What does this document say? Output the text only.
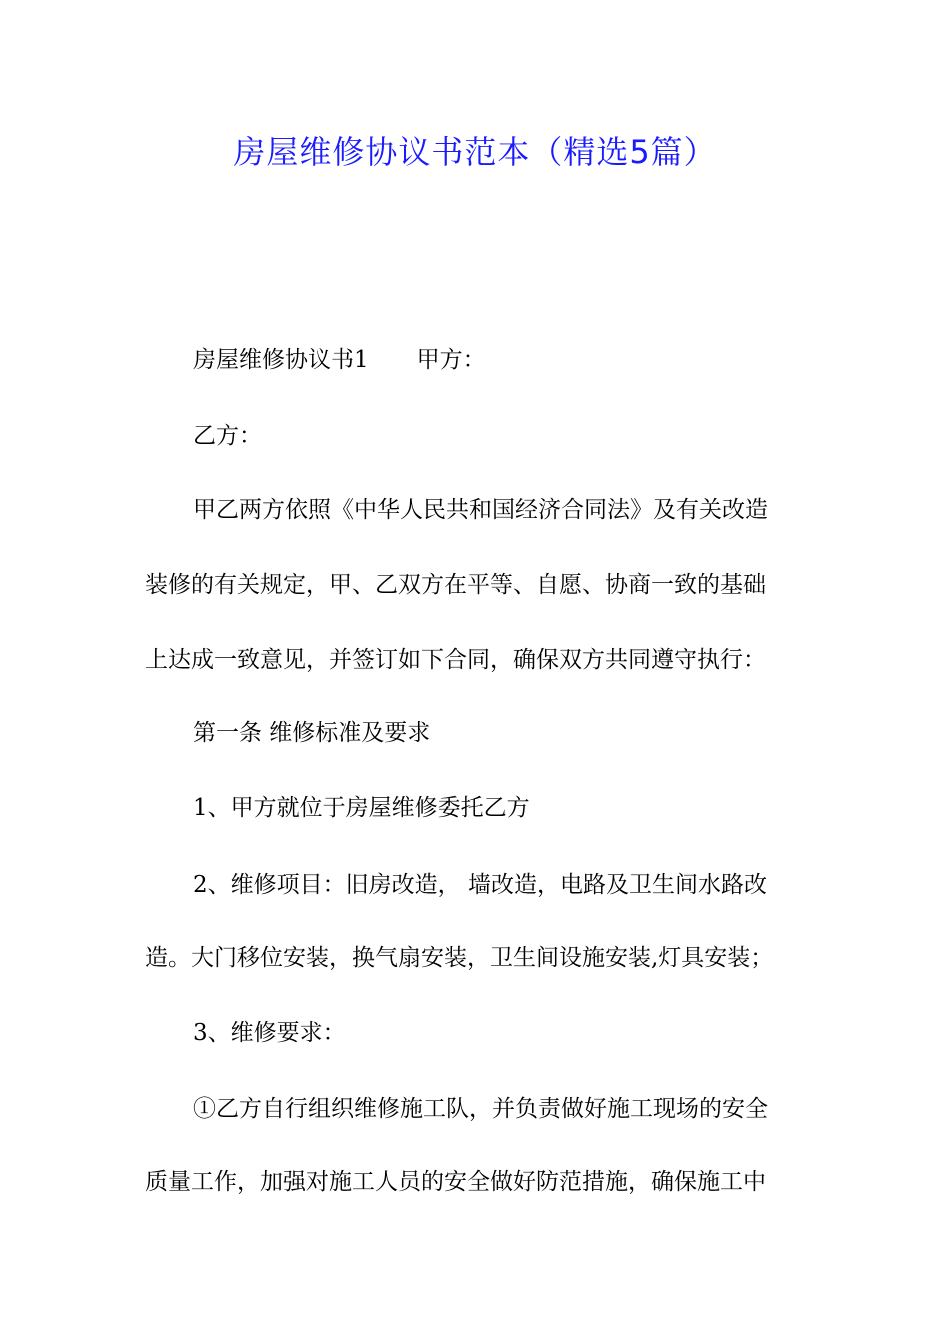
房屋维修协议书范本（精选5篇）
房屋维修协议书1 甲方：
乙方：
甲乙两方依照《中华人民共和国经济合同法》及有关改造
装修的有关规定，甲、乙双方在平等、自愿、协商一致的基础
上达成一致意见，并签订如下合同，确保双方共同遵守执行：
第一条 维修标准及要求
1、甲方就位于房屋维修委托乙方
2、维修项目：旧房改造， 墙改造，电路及卫生间水路改
造。大门移位安装，换气扇安装，卫生间设施安装,灯具安装；
3、维修要求：
①乙方自行组织维修施工队，并负责做好施工现场的安全
质量工作，加强对施工人员的安全做好防范措施，确保施工中
